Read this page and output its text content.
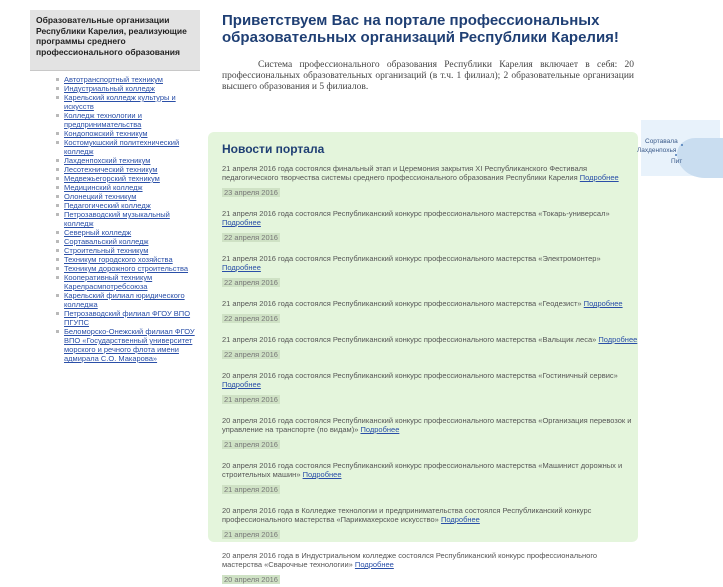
Образовательные организации Республики Карелия, реализующие программы среднего профессионального образования
Автотранспортный техникум
Индустриальный колледж
Карельский колледж культуры и искусств
Колледж технологии и предпринимательства
Кондопожский техникум
Костомукшский политехнический колледж
Лахденпохский техникум
Лесотехнический техникум
Медвежьегорский техникум
Медицинский колледж
Олонецкий техникум
Педагогический колледж
Петрозаводский музыкальный колледж
Северный колледж
Сортавальский колледж
Строительный техникум
Техникум городского хозяйства
Техникум дорожного строительства
Кооперативный техникум Карелрасмпотребсоюза
Карельский филиал юридического колледжа
Петрозаводский филиал ФГОУ ВПО ПГУПС
Беломорско-Онежский филиал ФГОУ ВПО «Государственный университет морского и речного флота имени адмирала С.О. Макарова»
Приветствуем Вас на портале профессиональных образовательных организаций Республики Карелия!

Система профессионального образования Республики Карелия включает в себя: 20 профессиональных образовательных организаций (в т.ч. 1 филиал); 2 образовательные организации высшего образования и 5 филиалов.

Новости портала
21 апреля 2016 года состоялся финальный этап и Церемония закрытия XI Республиканского Фестиваля педагогического творчества системы среднего профессионального образования Республики Карелия Подробнее
23 апреля 2016
21 апреля 2016 года состоялся Республиканский конкурс профессионального мастерства «Токарь-универсал» Подробнее
22 апреля 2016
21 апреля 2016 года состоялся Республиканский конкурс профессионального мастерства «Электромонтер» Подробнее
22 апреля 2016
21 апреля 2016 года состоялся Республиканский конкурс профессионального мастерства «Геодезист» Подробнее
22 апреля 2016
21 апреля 2016 года состоялся Республиканский конкурс профессионального мастерства «Вальщик леса» Подробнее
22 апреля 2016
20 апреля 2016 года состоялся Республиканский конкурс профессионального мастерства «Гостиничный сервис» Подробнее
21 апреля 2016
20 апреля 2016 года состоялся Республиканский конкурс профессионального мастерства «Организация перевозок и управление на транспорте (по видам)» Подробнее
21 апреля 2016
20 апреля 2016 года состоялся Республиканский конкурс профессионального мастерства «Машинист дорожных и строительных машин» Подробнее
21 апреля 2016
20 апреля 2016 года в Колледже технологии и предпринимательства состоялся Республиканский конкурс профессионального мастерства «Парикмахерское искусство» Подробнее
21 апреля 2016
20 апреля 2016 года в Индустриальном колледже состоялся Республиканский конкурс профессионального мастерства «Сварочные технологии» Подробнее
20 апреля 2016
Сортавала
Лахденпохья
Пит
